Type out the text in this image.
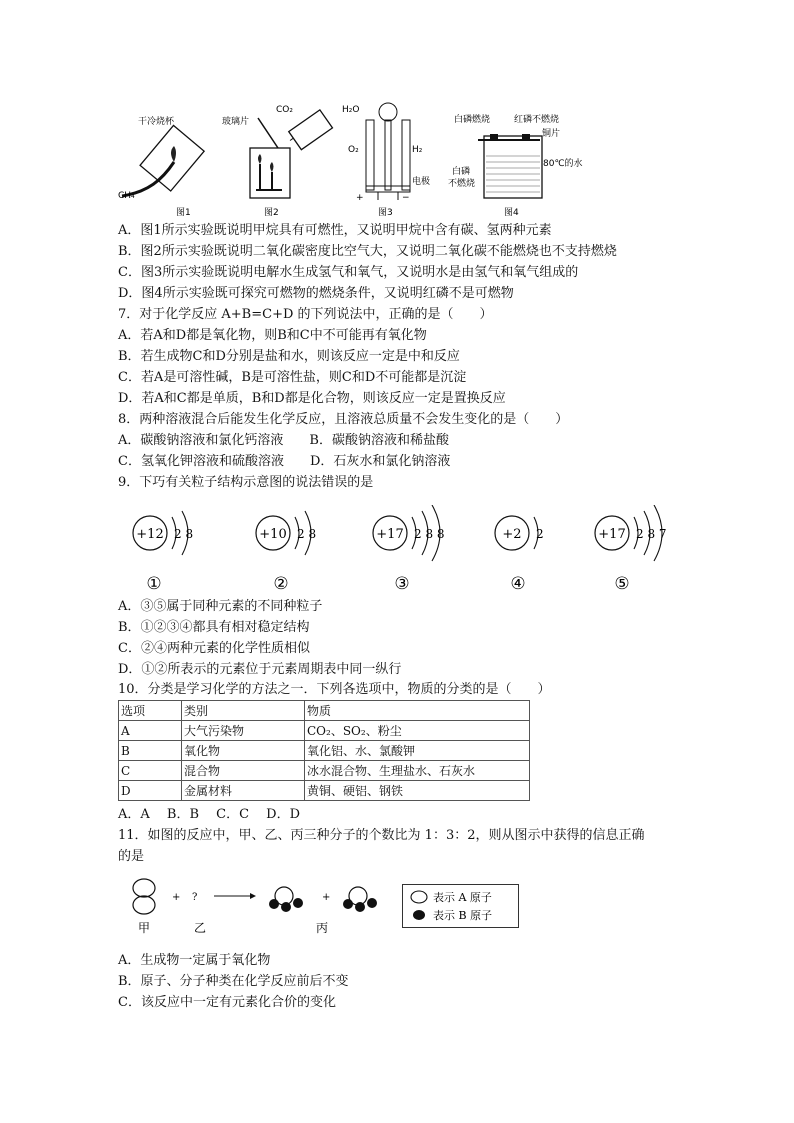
干冷烧杯
CH₄
图1
玻璃片
CO₂
图2
H₂O
O₂	H₂
电极
+	−
图3
白磷燃烧	红磷不燃烧
铜片
80℃的水
白磷
不燃烧
图4
A．图1所示实验既说明甲烷具有可燃性，又说明甲烷中含有碳、氢两种元素
B．图2所示实验既说明二氧化碳密度比空气大，又说明二氧化碳不能燃烧也不支持燃烧
C．图3所示实验既说明电解水生成氢气和氧气，又说明水是由氢气和氧气组成的
D．图4所示实验既可探究可燃物的燃烧条件，又说明红磷不是可燃物
7．对于化学反应 A+B=C+D 的下列说法中，正确的是（　　）
A．若A和D都是氧化物，则B和C中不可能再有氧化物
B．若生成物C和D分别是盐和水，则该反应一定是中和反应
C．若A是可溶性碱，B是可溶性盐，则C和D不可能都是沉淀
D．若A和C都是单质，B和D都是化合物，则该反应一定是置换反应
8．两种溶液混合后能发生化学反应，且溶液总质量不会发生变化的是（　　）
A．碳酸钠溶液和氯化钙溶液　　B．碳酸钠溶液和稀盐酸
C．氢氧化钾溶液和硫酸溶液　　D．石灰水和氯化钠溶液
9．下巧有关粒子结构示意图的说法错误的是
+12 2 8
①
+10 2 8
②
+17 2 8 8
③
+2 2
④
+17 2 8 7
⑤
A．③⑤属于同种元素的不同种粒子
B．①②③④都具有相对稳定结构
C．②④两种元素的化学性质相似
D．①②所表示的元素位于元素周期表中同一纵行
10．分类是学习化学的方法之一．下列各选项中，物质的分类的是（　　）
选项	类别	物质
A	大气污染物	CO₂、SO₂、粉尘
B	氧化物	氧化铝、水、氯酸钾
C	混合物	冰水混合物、生理盐水、石灰水
D	金属材料	黄铜、硬铝、钢铁
A．A　 B．B　 C．C　 D．D
11．如图的反应中，甲、乙、丙三种分子的个数比为 1：3：2，则从图示中获得的信息正确
的是
+ ?	+
甲	乙	丙
表示 A 原子
表示 B 原子
A．生成物一定属于氧化物
B．原子、分子种类在化学反应前后不变
C．该反应中一定有元素化合价的变化
